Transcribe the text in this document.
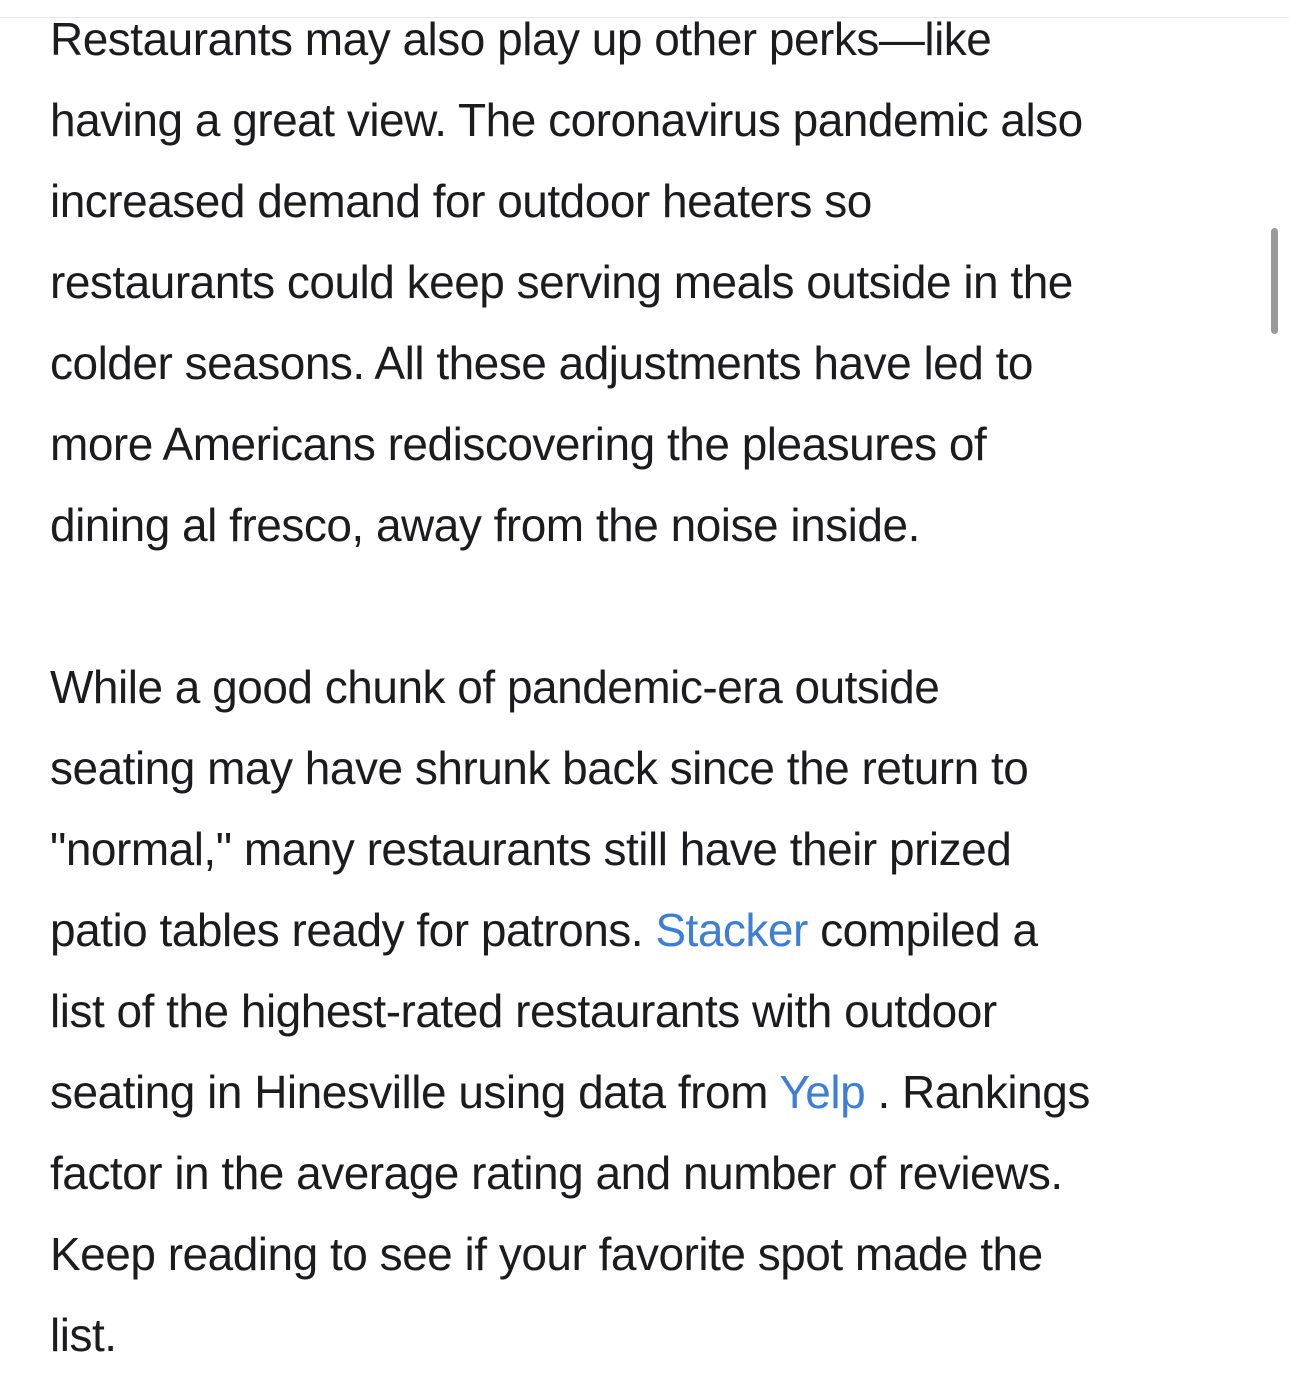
Restaurants may also play up other perks—like
having a great view. The coronavirus pandemic also
increased demand for outdoor heaters so
restaurants could keep serving meals outside in the
colder seasons. All these adjustments have led to
more Americans rediscovering the pleasures of
dining al fresco, away from the noise inside.

While a good chunk of pandemic-era outside
seating may have shrunk back since the return to
"normal," many restaurants still have their prized
patio tables ready for patrons. Stacker compiled a
list of the highest-rated restaurants with outdoor
seating in Hinesville using data from Yelp . Rankings
factor in the average rating and number of reviews.
Keep reading to see if your favorite spot made the
list.
